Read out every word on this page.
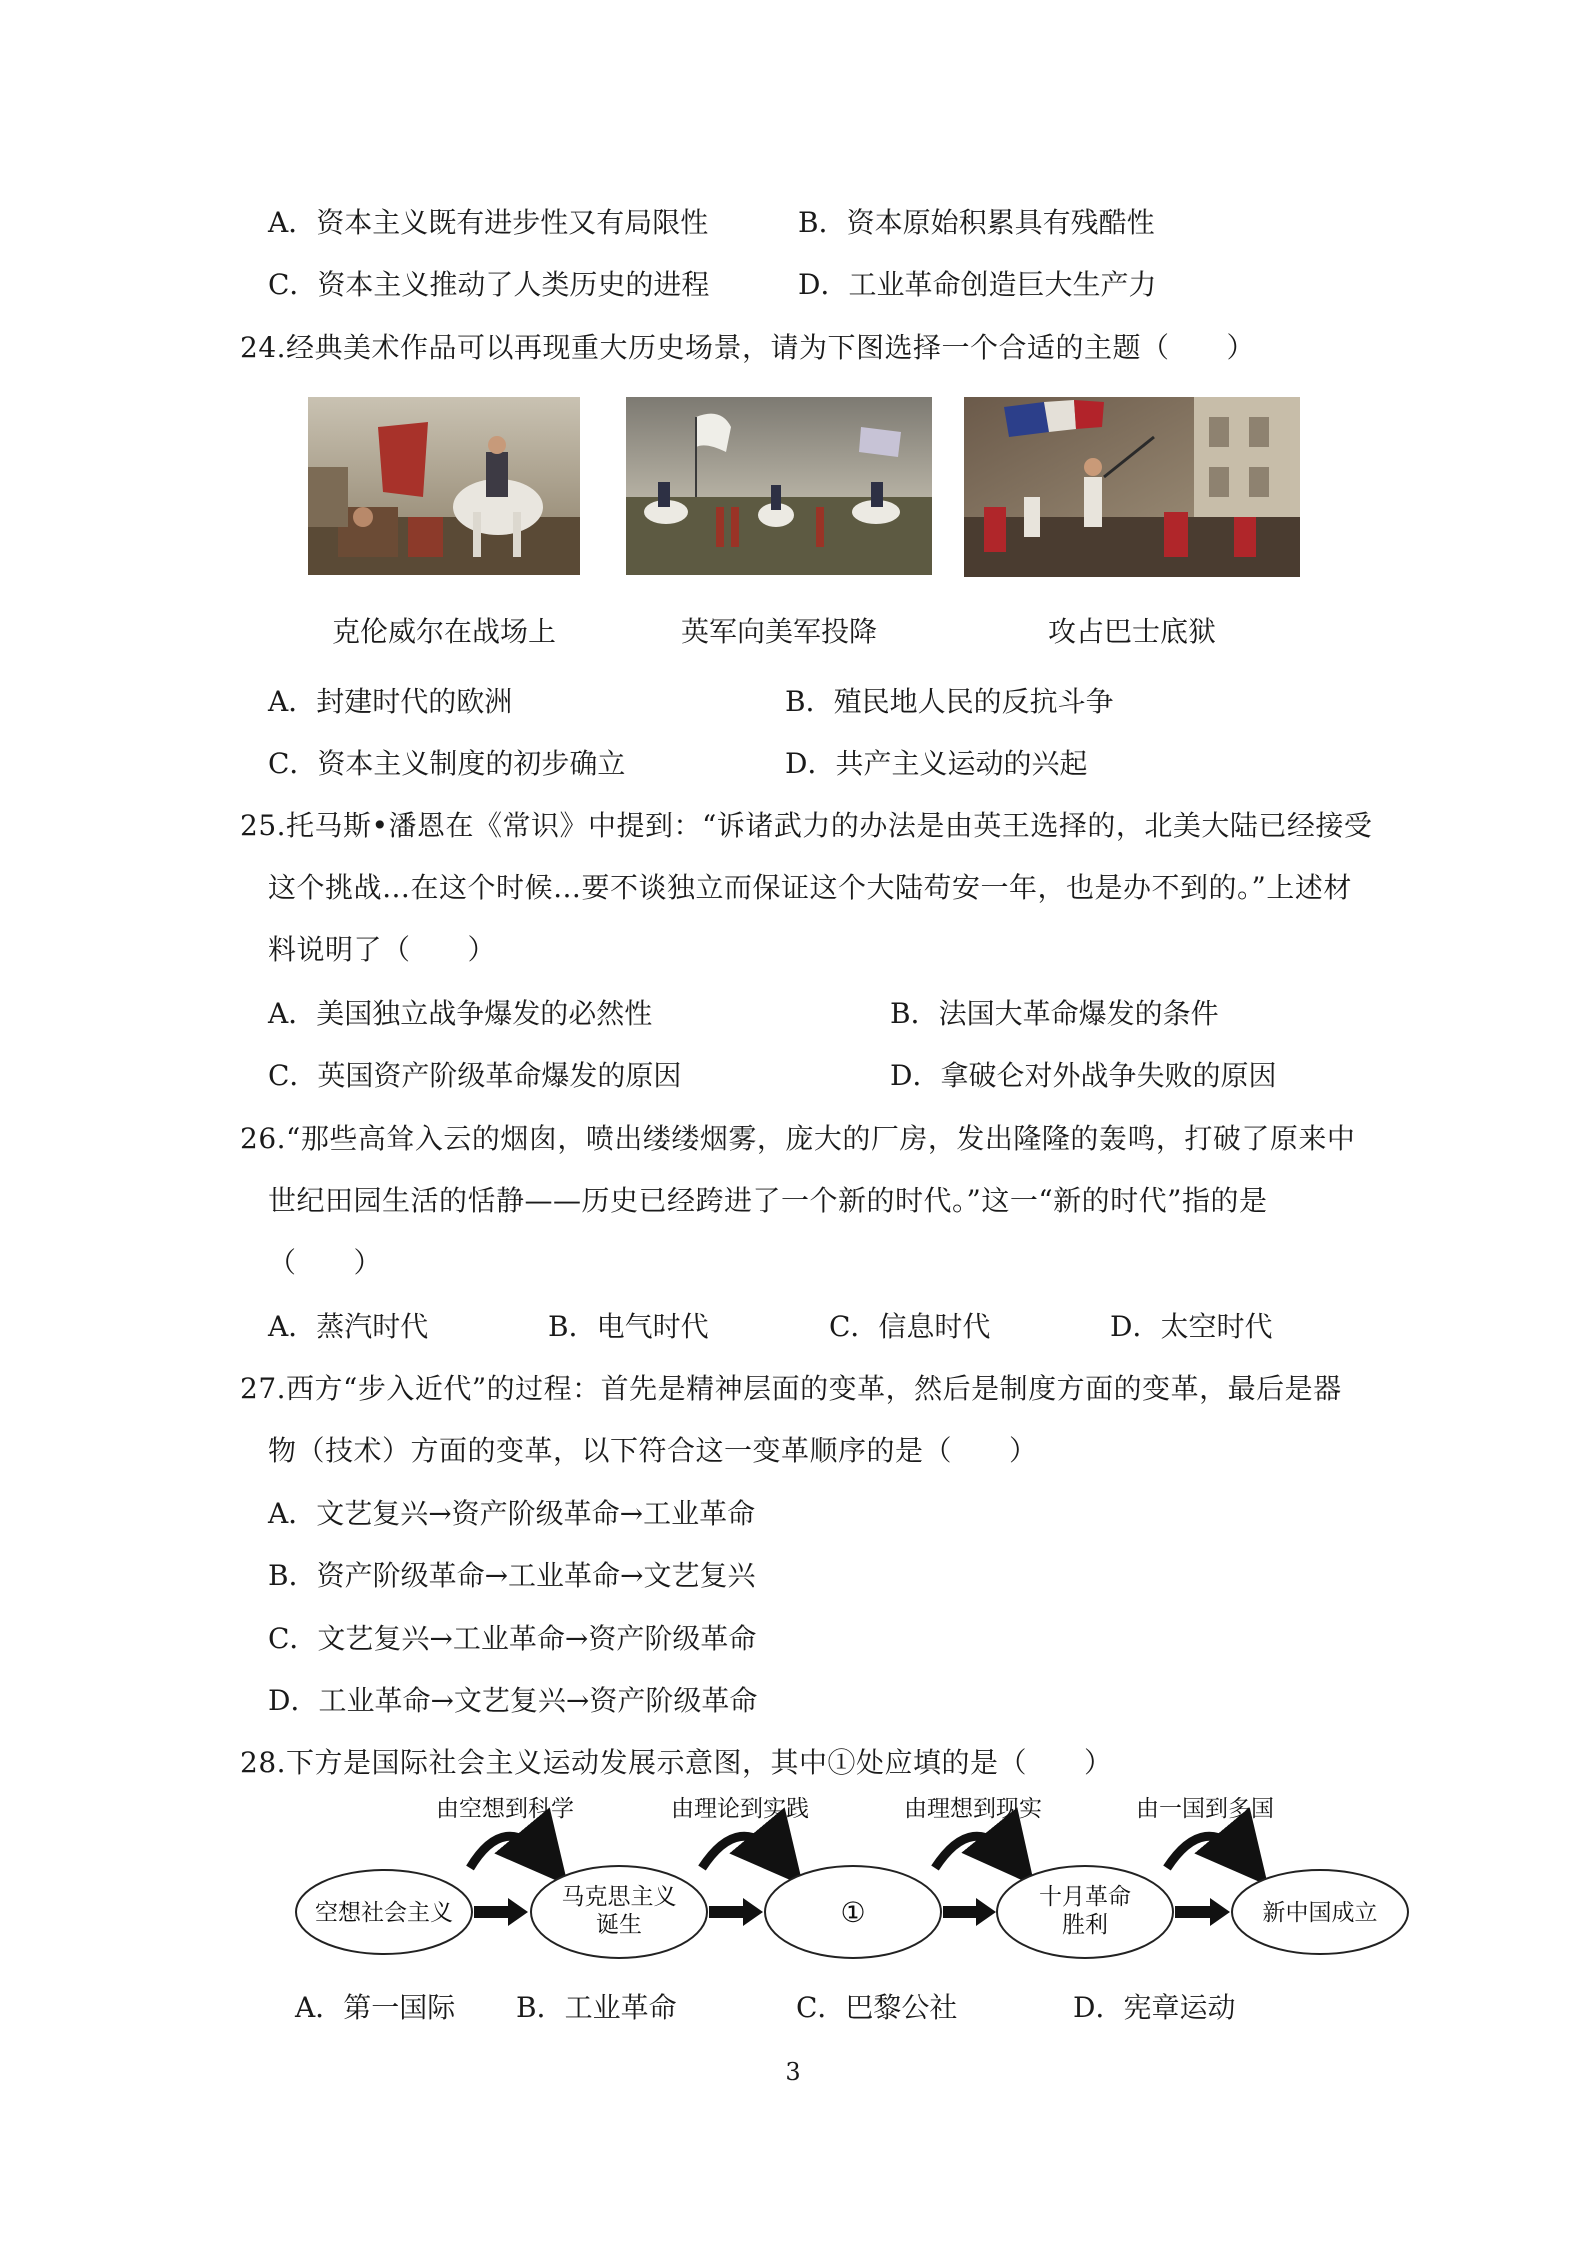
A．资本主义既有进步性又有局限性	B．资本原始积累具有残酷性
C．资本主义推动了人类历史的进程	D．工业革命创造巨大生产力
24.经典美术作品可以再现重大历史场景，请为下图选择一个合适的主题（　　）
克伦威尔在战场上	英军向美军投降	攻占巴士底狱
A．封建时代的欧洲	B．殖民地人民的反抗斗争
C．资本主义制度的初步确立	D．共产主义运动的兴起
25.托马斯•潘恩在《常识》中提到：“诉诸武力的办法是由英王选择的，北美大陆已经接受
这个挑战…在这个时候…要不谈独立而保证这个大陆苟安一年，也是办不到的。”上述材
料说明了（　　）
A．美国独立战争爆发的必然性	B．法国大革命爆发的条件
C．英国资产阶级革命爆发的原因	D．拿破仑对外战争失败的原因
26.“那些高耸入云的烟囱，喷出缕缕烟雾，庞大的厂房，发出隆隆的轰鸣，打破了原来中
世纪田园生活的恬静——历史已经跨进了一个新的时代。”这一“新的时代”指的是
（　　）
A．蒸汽时代	B．电气时代	C．信息时代	D．太空时代
27.西方“步入近代”的过程：首先是精神层面的变革，然后是制度方面的变革，最后是器
物（技术）方面的变革，以下符合这一变革顺序的是（　　）
A．文艺复兴→资产阶级革命→工业革命
B．资产阶级革命→工业革命→文艺复兴
C．文艺复兴→工业革命→资产阶级革命
D．工业革命→文艺复兴→资产阶级革命
28.下方是国际社会主义运动发展示意图，其中①处应填的是（　　）
由空想到科学	由理论到实践	由理想到现实	由一国到多国
空想社会主义
马克思主义
诞生	①	十月革命
胜利	新中国成立
A．第一国际 B．工业革命	C．巴黎公社	D．宪章运动
3
